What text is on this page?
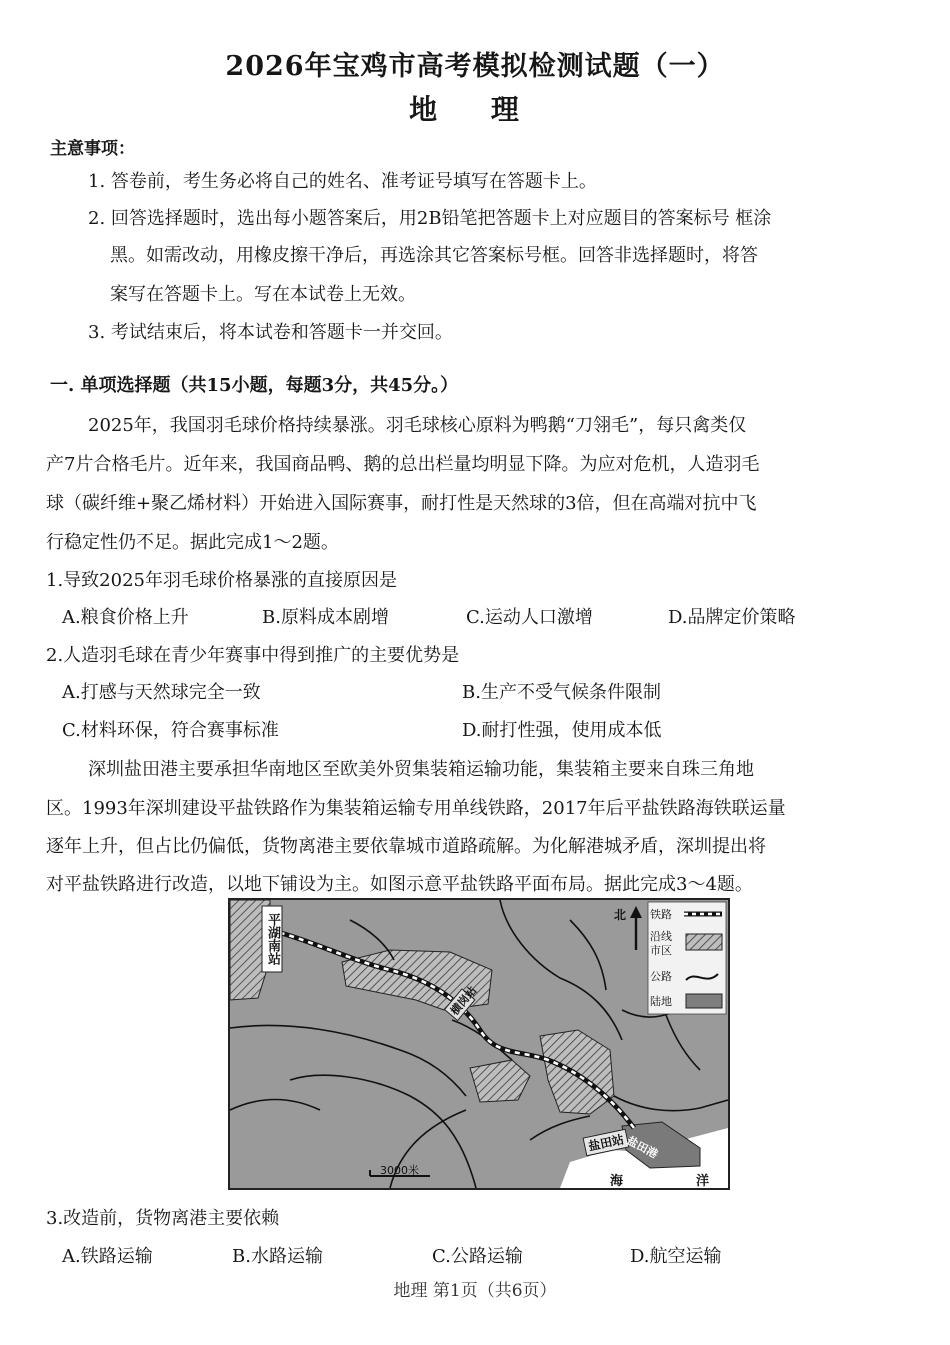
2026年宝鸡市高考模拟检测试题（一）
地 理
主意事项：
1. 答卷前，考生务必将自己的姓名、准考证号填写在答题卡上。
2. 回答选择题时，选出每小题答案后，用2B铅笔把答题卡上对应题目的答案标号 框涂
黑。如需改动，用橡皮擦干净后，再选涂其它答案标号框。回答非选择题时，将答
案写在答题卡上。写在本试卷上无效。
3. 考试结束后，将本试卷和答题卡一并交回。
一. 单项选择题（共15小题，每题3分，共45分。）
2025年，我国羽毛球价格持续暴涨。羽毛球核心原料为鸭鹅“刀翎毛”，每只禽类仅
产7片合格毛片。近年来，我国商品鸭、鹅的总出栏量均明显下降。为应对危机，人造羽毛
球（碳纤维+聚乙烯材料）开始进入国际赛事，耐打性是天然球的3倍，但在高端对抗中飞
行稳定性仍不足。据此完成1～2题。
1.导致2025年羽毛球价格暴涨的直接原因是
A.粮食价格上升	B.原料成本剧增	C.运动人口激增	D.品牌定价策略
2.人造羽毛球在青少年赛事中得到推广的主要优势是
A.打感与天然球完全一致	B.生产不受气候条件限制
C.材料环保，符合赛事标准	D.耐打性强，使用成本低
深圳盐田港主要承担华南地区至欧美外贸集装箱运输功能，集装箱主要来自珠三角地
区。1993年深圳建设平盐铁路作为集装箱运输专用单线铁路，2017年后平盐铁路海铁联运量
逐年上升，但占比仍偏低，货物离港主要依靠城市道路疏解。为化解港城矛盾，深圳提出将
对平盐铁路进行改造，以地下铺设为主。如图示意平盐铁路平面布局。据此完成3～4题。
平湖南站
横岗站
盐田站 盐田港
3000米
海	洋
北	铁路
沿线市区
公路
陆地
3.改造前，货物离港主要依赖
A.铁路运输	B.水路运输	C.公路运输	D.航空运输
地理 第1页（共6页）
